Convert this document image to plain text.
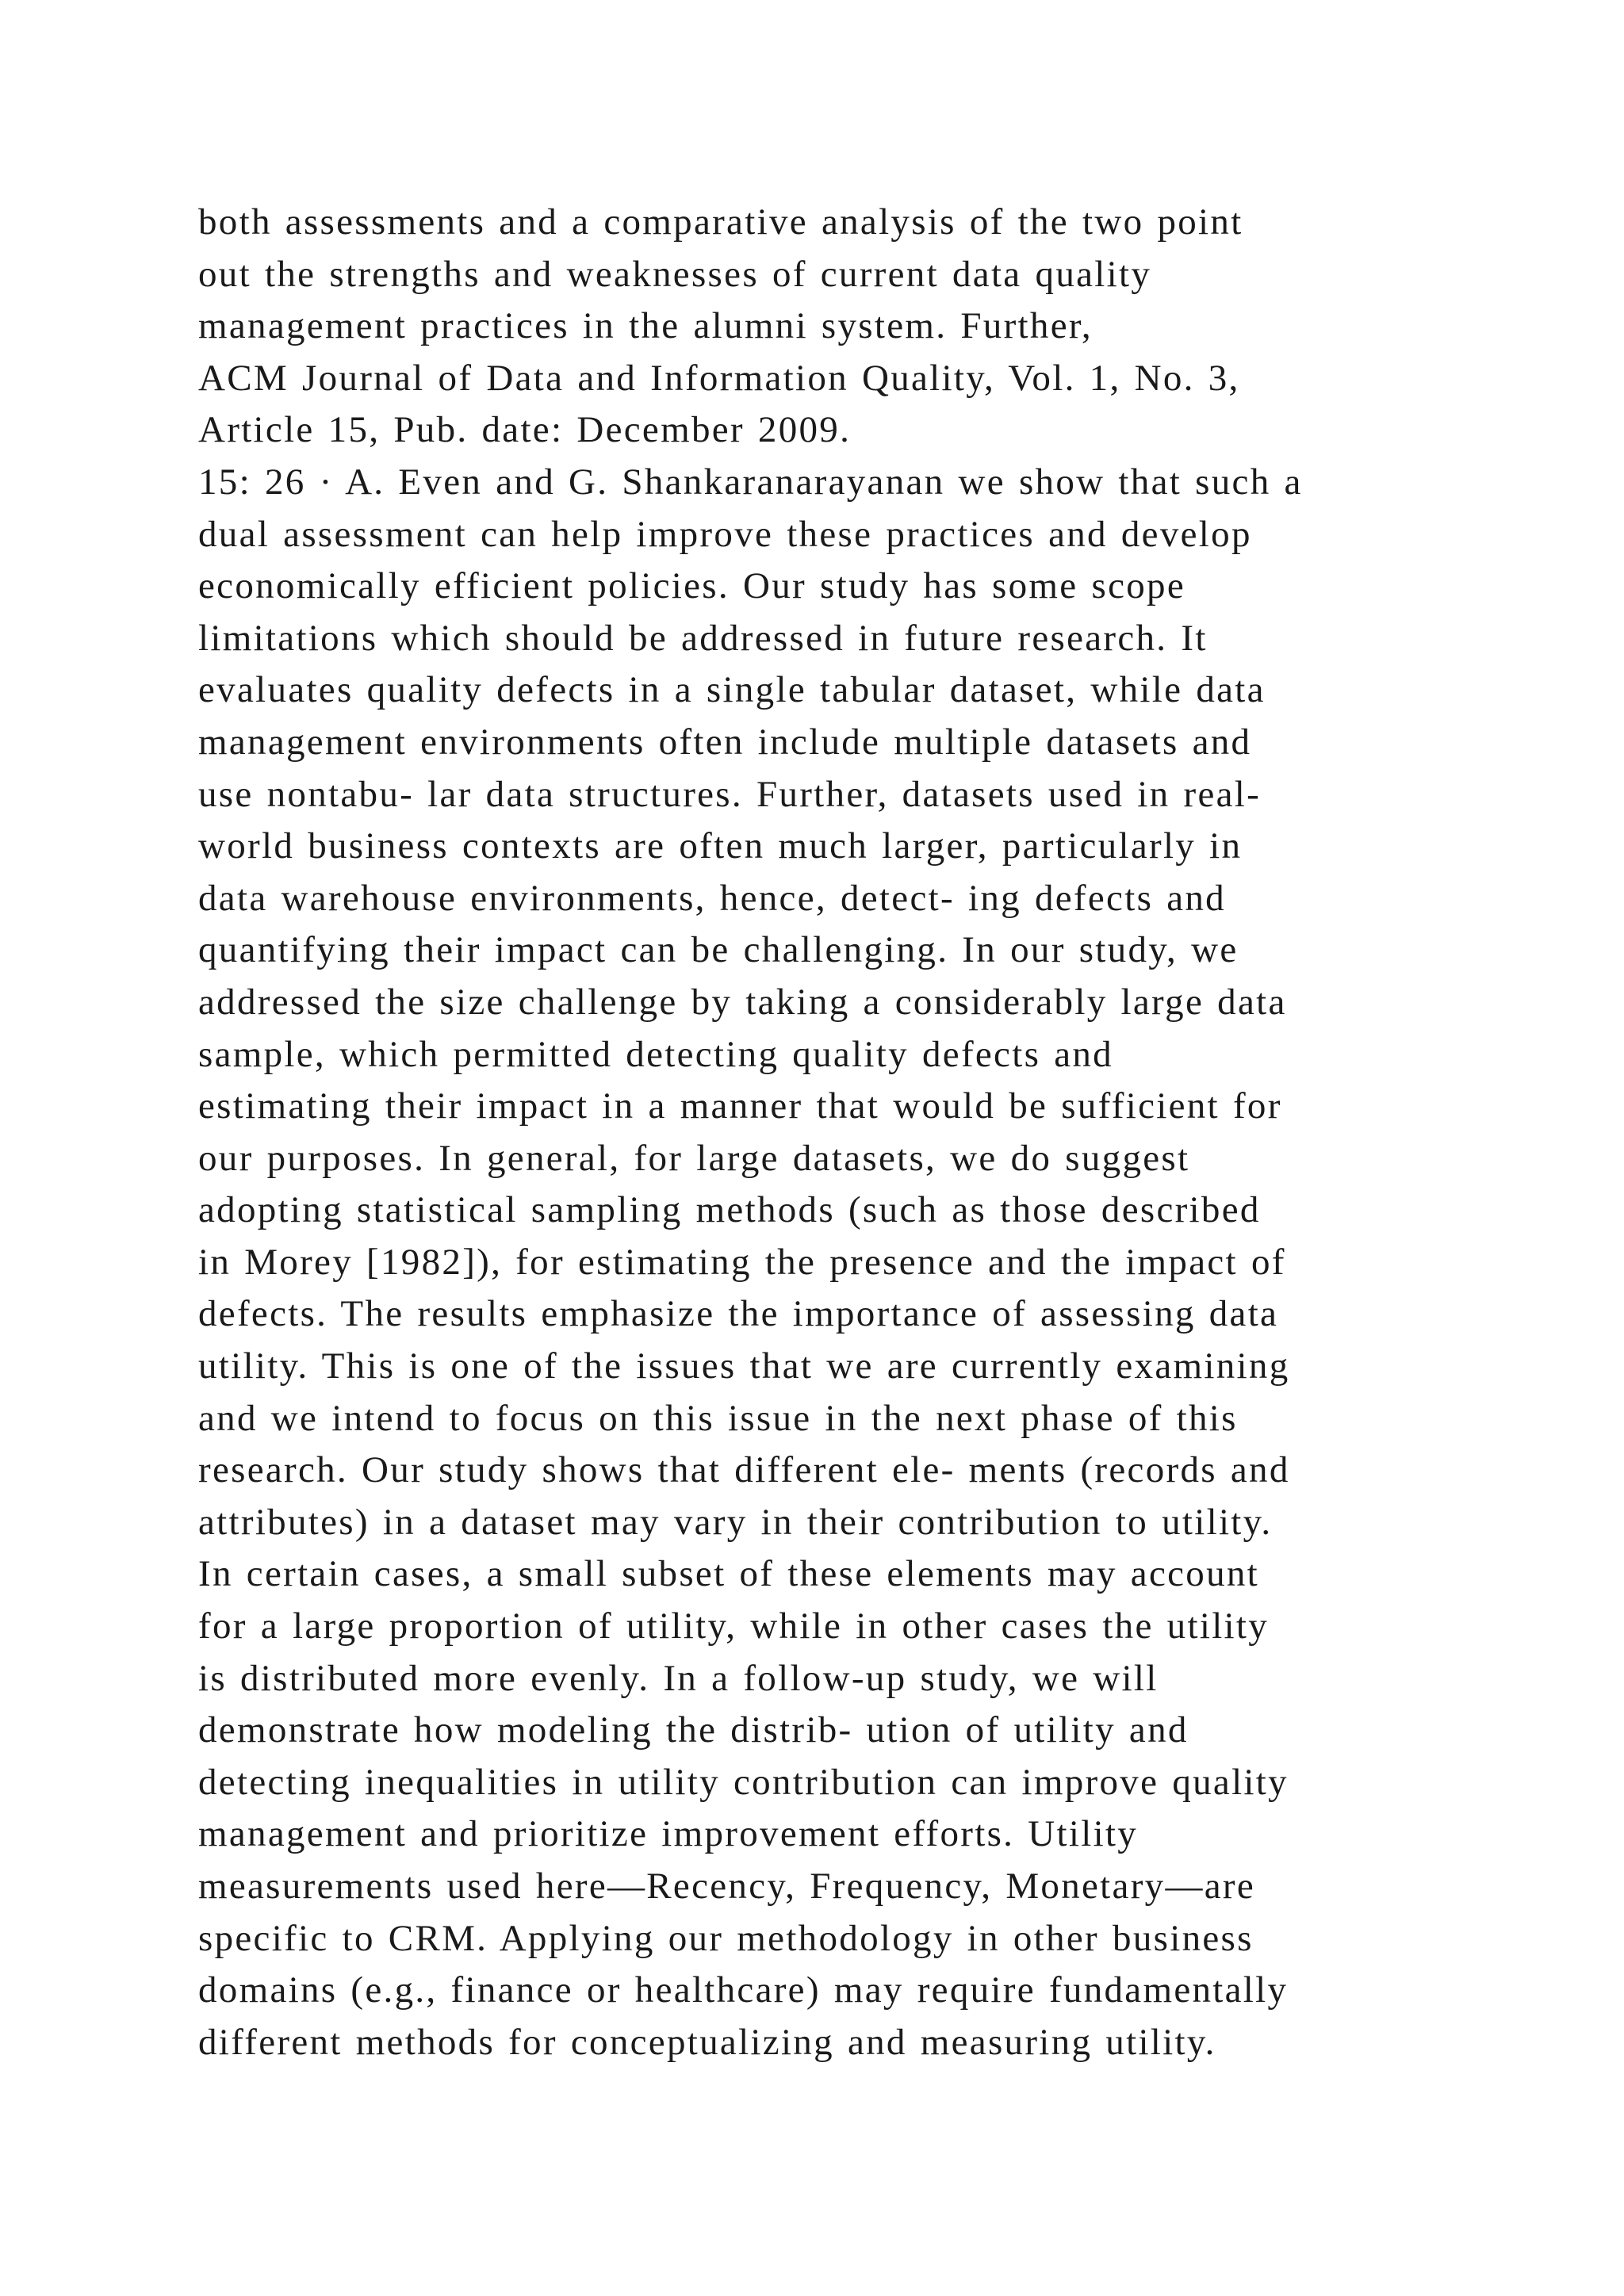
both assessments and a comparative analysis of the two point
out the strengths and weaknesses of current data quality
management practices in the alumni system. Further,
ACM Journal of Data and Information Quality, Vol. 1, No. 3,
Article 15, Pub. date: December 2009.
15: 26 · A. Even and G. Shankaranarayanan we show that such a
dual assessment can help improve these practices and develop
economically efficient policies. Our study has some scope
limitations which should be addressed in future research. It
evaluates quality defects in a single tabular dataset, while data
management environments often include multiple datasets and
use nontabu- lar data structures. Further, datasets used in real-
world business contexts are often much larger, particularly in
data warehouse environments, hence, detect- ing defects and
quantifying their impact can be challenging. In our study, we
addressed the size challenge by taking a considerably large data
sample, which permitted detecting quality defects and
estimating their impact in a manner that would be sufficient for
our purposes. In general, for large datasets, we do suggest
adopting statistical sampling methods (such as those described
in Morey [1982]), for estimating the presence and the impact of
defects. The results emphasize the importance of assessing data
utility. This is one of the issues that we are currently examining
and we intend to focus on this issue in the next phase of this
research. Our study shows that different ele- ments (records and
attributes) in a dataset may vary in their contribution to utility.
In certain cases, a small subset of these elements may account
for a large proportion of utility, while in other cases the utility
is distributed more evenly. In a follow-up study, we will
demonstrate how modeling the distrib- ution of utility and
detecting inequalities in utility contribution can improve quality
management and prioritize improvement efforts. Utility
measurements used here—Recency, Frequency, Monetary—are
specific to CRM. Applying our methodology in other business
domains (e.g., finance or healthcare) may require fundamentally
different methods for conceptualizing and measuring utility.
